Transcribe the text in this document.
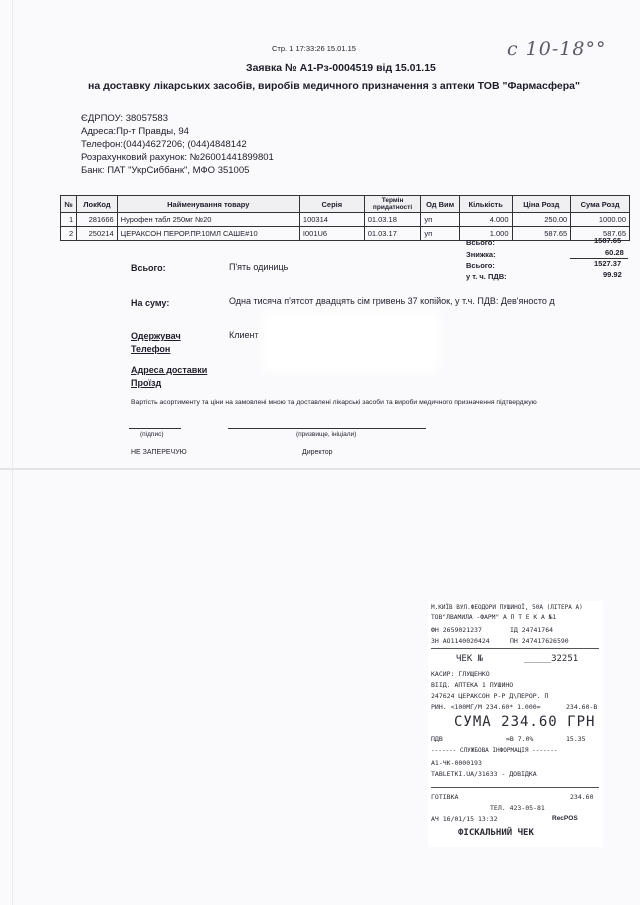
Стр. 1 17:33:26 15.01.15	с 10-18°°
Заявка № А1-Рз-0004519 від 15.01.15
на доставку лікарських засобів, виробів медичного призначення з аптеки ТОВ "Фармасфера"
ЄДРПОУ: 38057583
Адреса:Пр-т Правды, 94
Телефон:(044)4627206; (044)4848142
Розрахунковий рахунок: №26001441899801
Банк: ПАТ "УкрСиббанк", МФО 351005
№	ЛокКод	Найменування товару	Серія	Термін придатності	Од Вим	Кількість	Ціна Розд	Сума Розд
1	281666	Нурофен табл 250мг №20	100314	01.03.18	уп	4.000	250.00	1000.00
2	250214	ЦЕРАКСОН ПЕРОР.ПР.10МЛ САШЕ#10	I001U6	01.03.17	уп	1.000	587.65	587.65
Всього:	1587.65
Знижка:	60.28
Всього:	1527.37
у т. ч. ПДВ:	99.92
Всього:	П'ять одиниць
На суму:	Одна тисяча п'ятсот двадцять сім гривень 37 копійок, у т.ч. ПДВ: Дев'яносто д
Одержувач	Клиент
Телефон
Адреса доставки
Проїзд
Вартість асортименту та ціни на замовлені мною та доставлені лікарські засоби та вироби медичного призначення підтверджую
(підпис)	(призвище, ініціали)
НЕ ЗАПЕРЕЧУЮ	Директор
М.КИЇВ ВУЛ.ФЕОДОРИ ПУШИНОЇ, 50А (ЛІТЕРА А)
ТОВ"ЛВАМИЛА -ФАРМ" А П Т Е К А №1
ФН 2659021237	ІД 24741764
ЗН АО1140020424	ПН 247417626590
ЧЕК №	_____32251
КАСИР: ГЛУЩЕНКО
ВІІД. АПТЕКА 1 ПУШИНО
247624 ЦЕРАКСОН Р-Р Д\ПЕРОР. П
РИН. <100МГ/М 234.60* 1.000=	234.60-В
СУМА 234.60 ГРН
ПДВ	=В 7.0%	15.35
------- СЛУЖБОВА ІНФОРМАЦІЯ -------
А1-ЧК-0000193
TABLETKI.UA/31633 - ДОВІДКА
ГОТІВКА	234.60
ТЕЛ. 423-05-81
АЧ 16/01/15 13:32	ReсPOS
ФІСКАЛЬНИЙ ЧЕК
